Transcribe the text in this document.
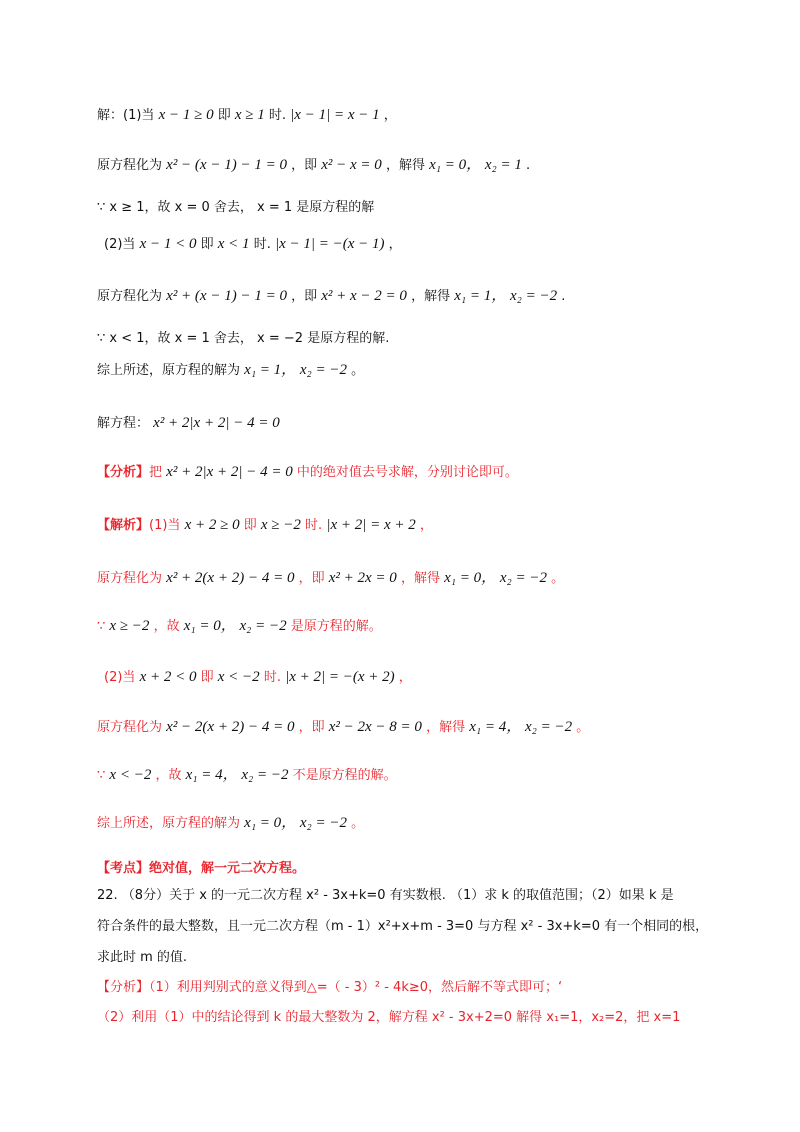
解：(1)当 x − 1 ≥ 0 即 x ≥ 1 时. |x − 1| = x − 1 ，
原方程化为 x² − (x − 1) − 1 = 0 ，即 x² − x = 0 ，解得 x₁ = 0， x₂ = 1 .
∵ x ≥ 1，故 x = 0 舍去， x = 1 是原方程的解
(2)当 x − 1 < 0 即 x < 1 时. |x − 1| = −(x − 1) ，
原方程化为 x² + (x − 1) − 1 = 0 ，即 x² + x − 2 = 0 ，解得 x₁ = 1， x₂ = −2 .
∵ x < 1，故 x = 1 舍去， x = −2 是原方程的解.
综上所述，原方程的解为 x₁ = 1， x₂ = −2 。
解方程： x² + 2|x + 2| − 4 = 0
【分析】把 x² + 2|x + 2| − 4 = 0 中的绝对值去号求解，分别讨论即可。
【解析】(1)当 x + 2 ≥ 0 即 x ≥ −2 时. |x + 2| = x + 2 ，
原方程化为 x² + 2(x + 2) − 4 = 0 ，即 x² + 2x = 0 ，解得 x₁ = 0， x₂ = −2 。
∵ x ≥ −2 ，故 x₁ = 0， x₂ = −2 是原方程的解。
(2)当 x + 2 < 0 即 x < −2 时. |x + 2| = −(x + 2) ，
原方程化为 x² − 2(x + 2) − 4 = 0 ，即 x² − 2x − 8 = 0 ，解得 x₁ = 4， x₂ = −2 。
∵ x < −2 ，故 x₁ = 4， x₂ = −2 不是原方程的解。
综上所述，原方程的解为 x₁ = 0， x₂ = −2 。
【考点】绝对值，解一元二次方程。
22. （8分）关于 x 的一元二次方程 x² - 3x+k=0 有实数根. （1）求 k 的取值范围；（2）如果 k 是
符合条件的最大整数，且一元二次方程（m - 1）x²+x+m - 3=0 与方程 x² - 3x+k=0 有一个相同的根，
求此时 m 的值.
【分析】（1）利用判别式的意义得到△=（ - 3）² - 4k≥0，然后解不等式即可；‘
（2）利用（1）中的结论得到 k 的最大整数为 2，解方程 x² - 3x+2=0 解得 x₁=1，x₂=2，把 x=1
